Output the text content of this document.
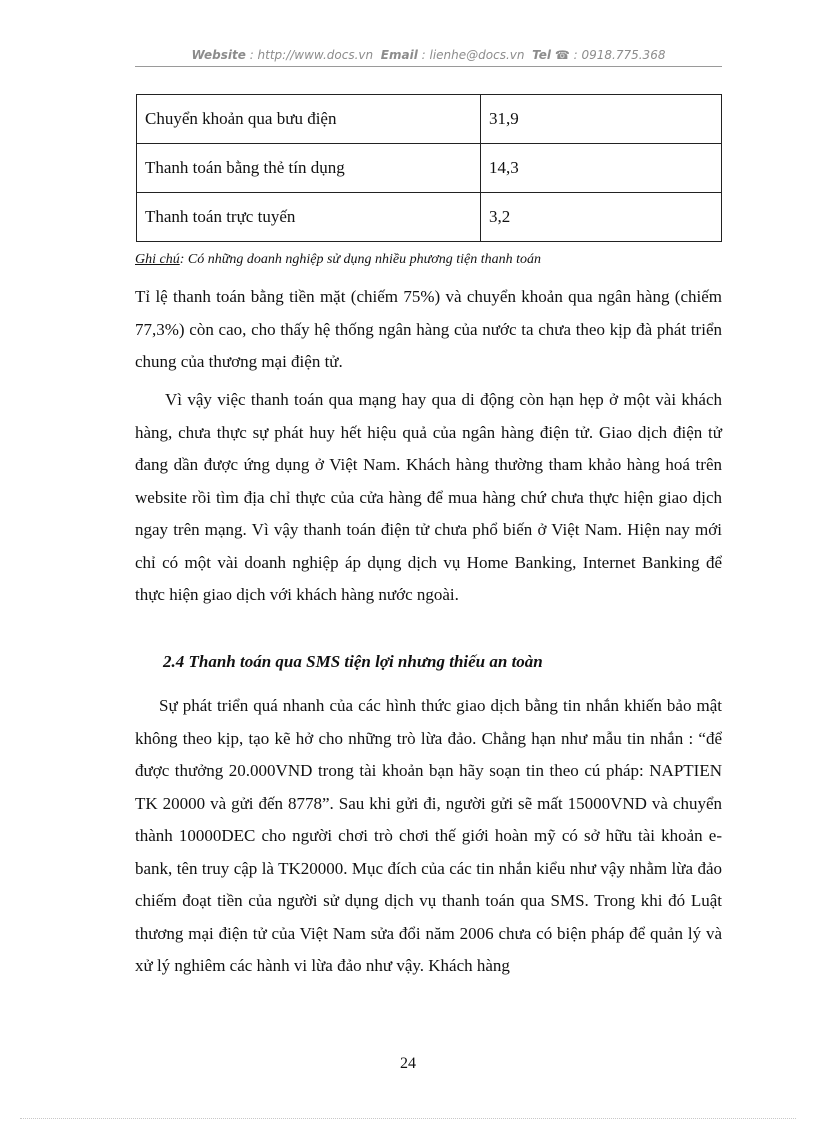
Website : http://www.docs.vn Email : lienhe@docs.vn Tel ☎ : 0918.775.368
Chuyển khoản qua bưu điện	31,9
Thanh toán bằng thẻ tín dụng	14,3
Thanh toán trực tuyến	3,2
Ghi chú: Có những doanh nghiệp sử dụng nhiều phương tiện thanh toán

Tỉ lệ thanh toán bằng tiền mặt (chiếm 75%) và chuyển khoản qua ngân hàng (chiếm 77,3%) còn cao, cho thấy hệ thống ngân hàng của nước ta chưa theo kịp đà phát triển chung của thương mại điện tử.

Vì vậy việc thanh toán qua mạng hay qua di động còn hạn hẹp ở một vài khách hàng, chưa thực sự phát huy hết hiệu quả của ngân hàng điện tử. Giao dịch điện tử đang dần được ứng dụng ở Việt Nam. Khách hàng thường tham khảo hàng hoá trên website rồi tìm địa chỉ thực của cửa hàng để mua hàng chứ chưa thực hiện giao dịch ngay trên mạng. Vì vậy thanh toán điện tử chưa phổ biến ở Việt Nam. Hiện nay mới chỉ có một vài doanh nghiệp áp dụng dịch vụ Home Banking, Internet Banking để thực hiện giao dịch với khách hàng nước ngoài.

2.4 Thanh toán qua SMS tiện lợi nhưng thiếu an toàn

Sự phát triển quá nhanh của các hình thức giao dịch bằng tin nhắn khiến bảo mật không theo kịp, tạo kẽ hở cho những trò lừa đảo. Chẳng hạn như mẫu tin nhắn : “để được thưởng 20.000VND trong tài khoản bạn hãy soạn tin theo cú pháp: NAPTIEN TK 20000 và gửi đến 8778”. Sau khi gửi đi, người gửi sẽ mất 15000VND và chuyển thành 10000DEC cho người chơi trò chơi thế giới hoàn mỹ có sở hữu tài khoản e-bank, tên truy cập là TK20000. Mục đích của các tin nhắn kiểu như vậy nhằm lừa đảo chiếm đoạt tiền của người sử dụng dịch vụ thanh toán qua SMS. Trong khi đó Luật thương mại điện tử của Việt Nam sửa đổi năm 2006 chưa có biện pháp để quản lý và xử lý nghiêm các hành vi lừa đảo như vậy. Khách hàng

24
